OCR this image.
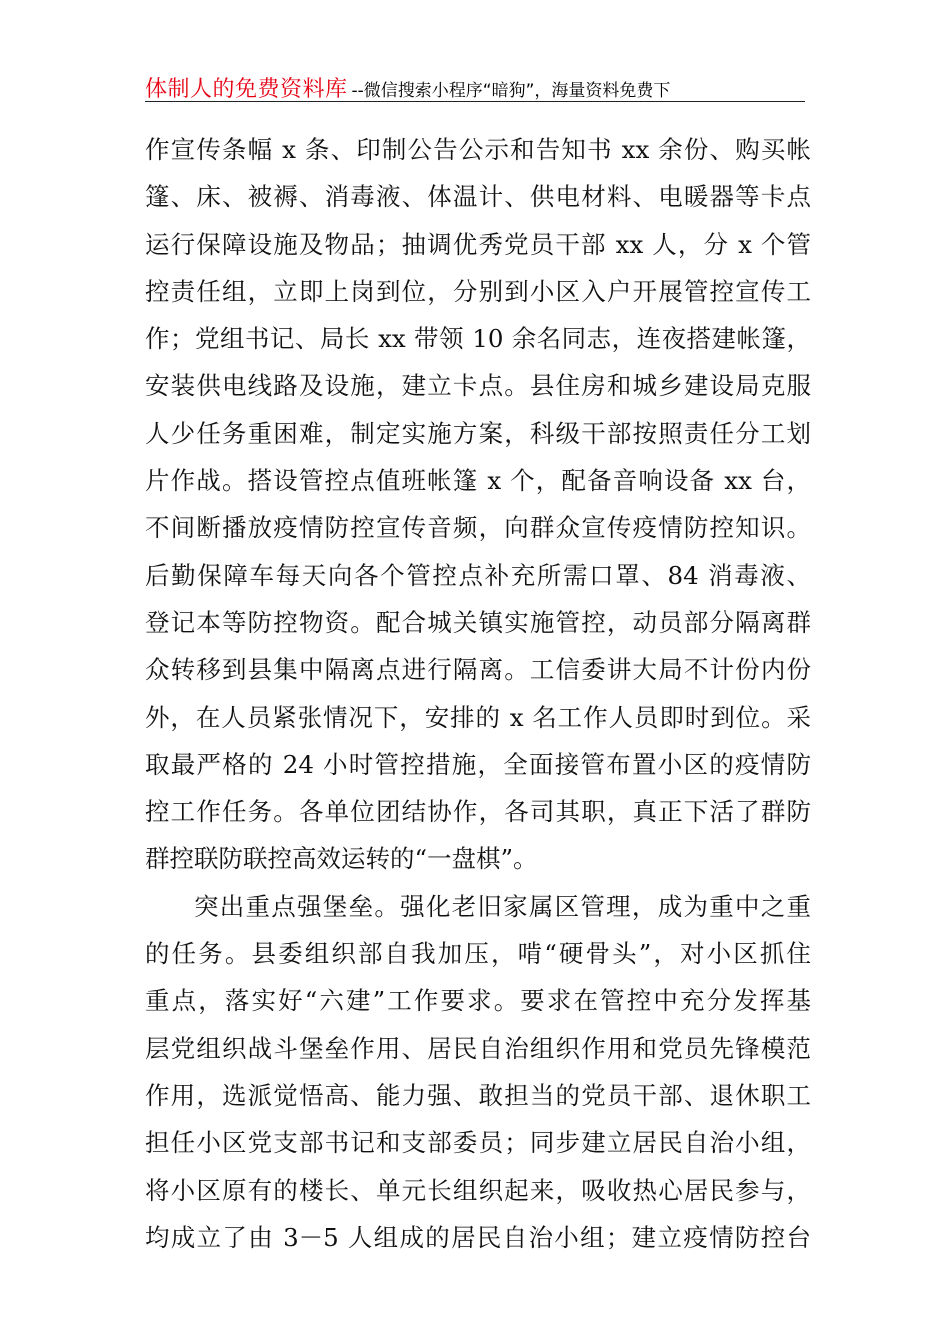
体制人的免费资料库 --微信搜索小程序“暗狗”，海量资料免费下
作宣传条幅 x 条、印制公告公示和告知书 xx 余份、购买帐
篷、床、被褥、消毒液、体温计、供电材料、电暖器等卡点
运行保障设施及物品；抽调优秀党员干部 xx 人，分 x 个管
控责任组，立即上岗到位，分别到小区入户开展管控宣传工
作；党组书记、局长 xx 带领 10 余名同志，连夜搭建帐篷，
安装供电线路及设施，建立卡点。县住房和城乡建设局克服
人少任务重困难，制定实施方案，科级干部按照责任分工划
片作战。搭设管控点值班帐篷 x 个，配备音响设备 xx 台，
不间断播放疫情防控宣传音频，向群众宣传疫情防控知识。
后勤保障车每天向各个管控点补充所需口罩、84 消毒液、
登记本等防控物资。配合城关镇实施管控，动员部分隔离群
众转移到县集中隔离点进行隔离。工信委讲大局不计份内份
外，在人员紧张情况下，安排的 x 名工作人员即时到位。采
取最严格的 24 小时管控措施，全面接管布置小区的疫情防
控工作任务。各单位团结协作，各司其职，真正下活了群防
群控联防联控高效运转的“一盘棋”。
突出重点强堡垒。强化老旧家属区管理，成为重中之重
的任务。县委组织部自我加压，啃“硬骨头”，对小区抓住
重点，落实好“六建”工作要求。要求在管控中充分发挥基
层党组织战斗堡垒作用、居民自治组织作用和党员先锋模范
作用，选派觉悟高、能力强、敢担当的党员干部、退休职工
担任小区党支部书记和支部委员；同步建立居民自治小组，
将小区原有的楼长、单元长组织起来，吸收热心居民参与，
均成立了由 3－5 人组成的居民自治小组；建立疫情防控台
